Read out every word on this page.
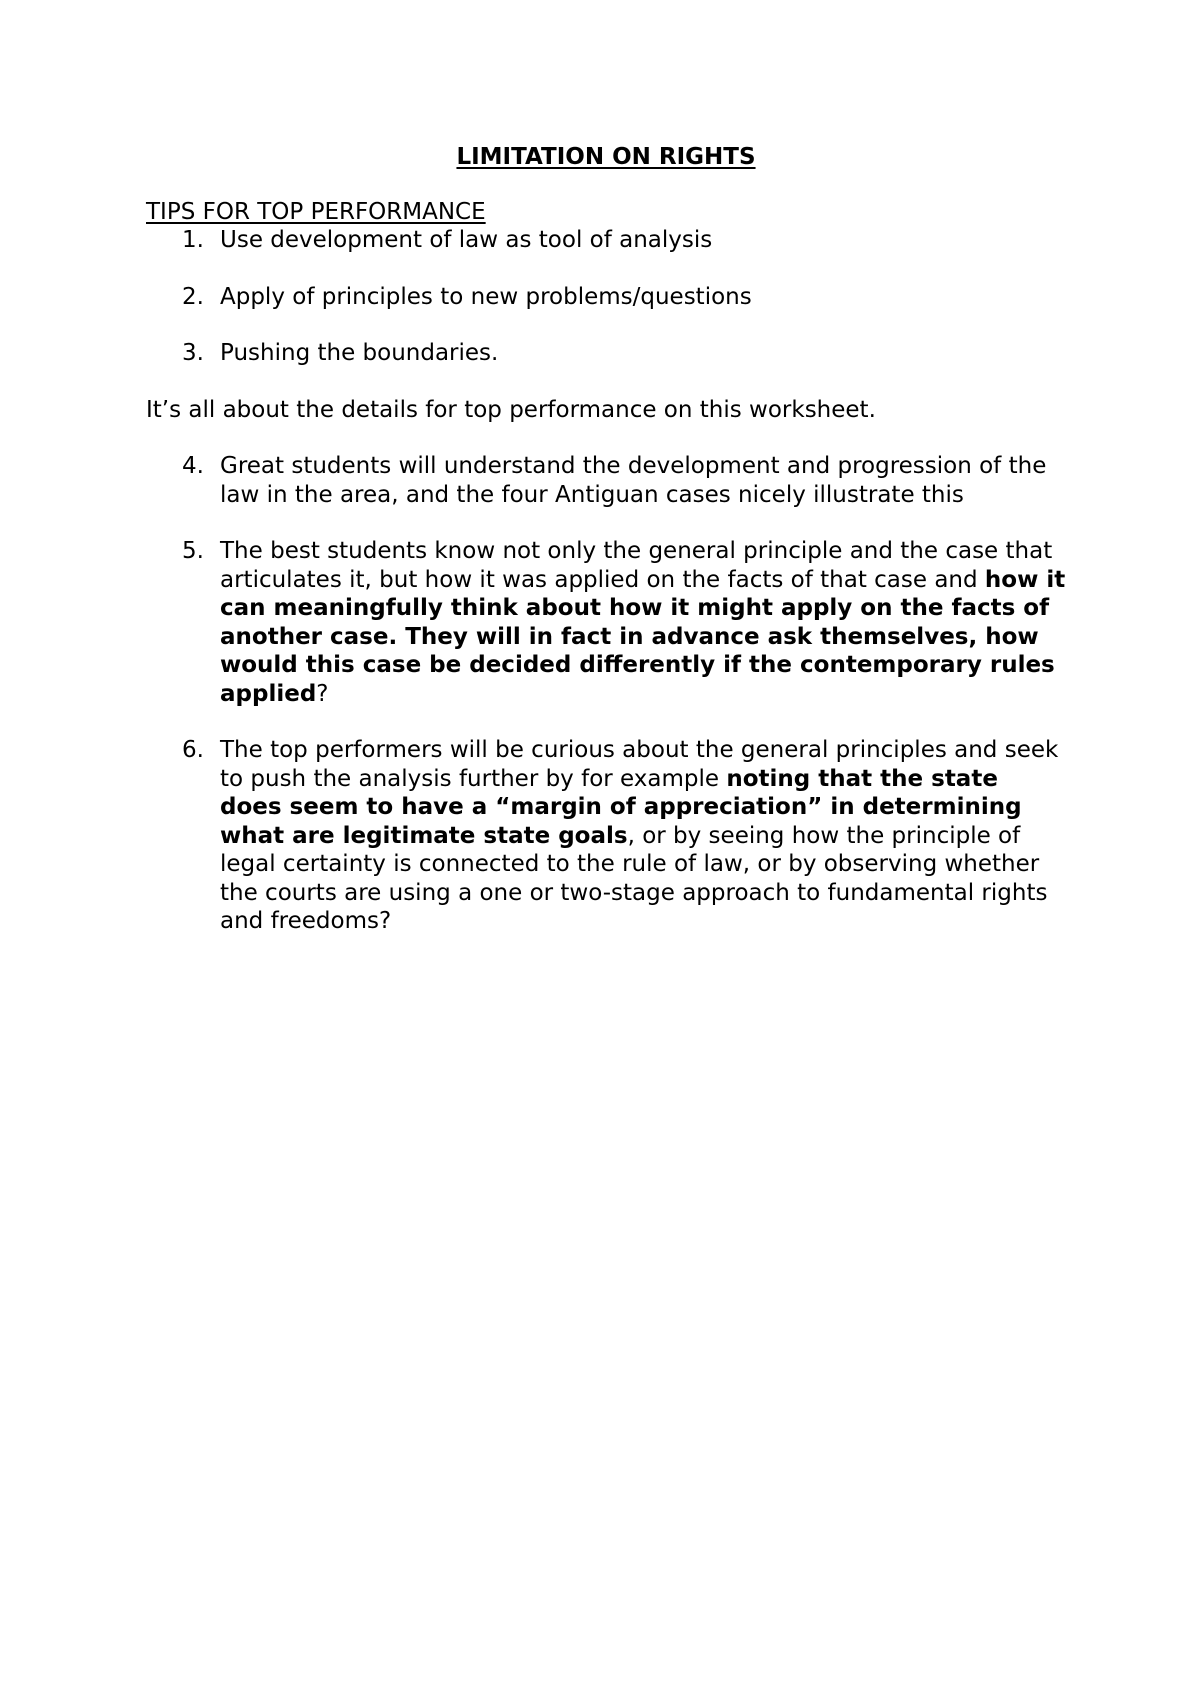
LIMITATION ON RIGHTS
TIPS FOR TOP PERFORMANCE
1. Use development of law as tool of analysis
2. Apply of principles to new problems/questions
3. Pushing the boundaries.

It’s all about the details for top performance on this worksheet.

4. Great students will understand the development and progression of the law in the area, and the four Antiguan cases nicely illustrate this
5. The best students know not only the general principle and the case that articulates it, but how it was applied on the facts of that case and how it can meaningfully think about how it might apply on the facts of another case. They will in fact in advance ask themselves, how would this case be decided differently if the contemporary rules applied?
6. The top performers will be curious about the general principles and seek to push the analysis further by for example noting that the state does seem to have a “margin of appreciation” in determining what are legitimate state goals, or by seeing how the principle of legal certainty is connected to the rule of law, or by observing whether the courts are using a one or two-stage approach to fundamental rights and freedoms?
